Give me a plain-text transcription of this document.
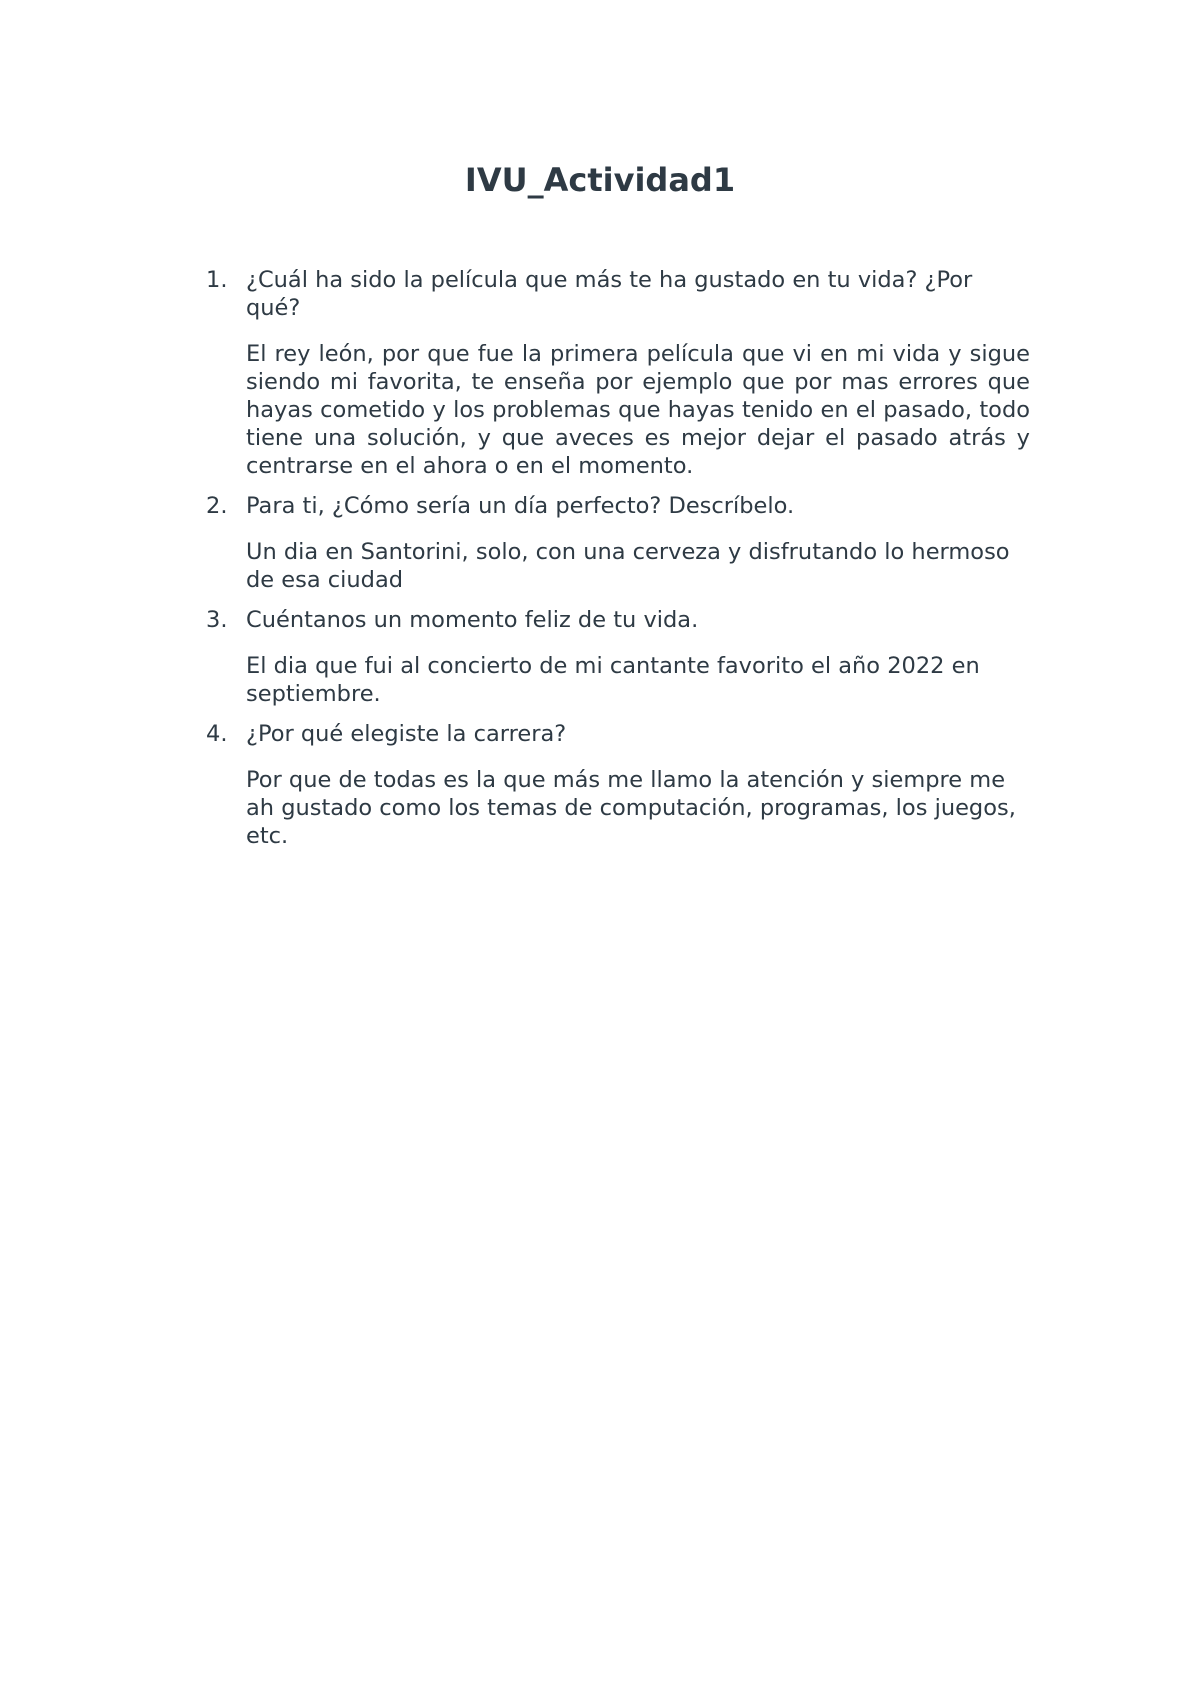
IVU_Actividad1
1. ¿Cuál ha sido la película que más te ha gustado en tu vida? ¿Por qué?

El rey león, por que fue la primera película que vi en mi vida y sigue siendo mi favorita, te enseña por ejemplo que por mas errores que hayas cometido y los problemas que hayas tenido en el pasado, todo tiene una solución, y que aveces es mejor dejar el pasado atrás y centrarse en el ahora o en el momento.

2. Para ti, ¿Cómo sería un día perfecto? Descríbelo.

Un dia en Santorini, solo, con una cerveza y disfrutando lo hermoso de esa ciudad

3. Cuéntanos un momento feliz de tu vida.

El dia que fui al concierto de mi cantante favorito el año 2022 en septiembre.

4. ¿Por qué elegiste la carrera?

Por que de todas es la que más me llamo la atención y siempre me ah gustado como los temas de computación, programas, los juegos, etc.
